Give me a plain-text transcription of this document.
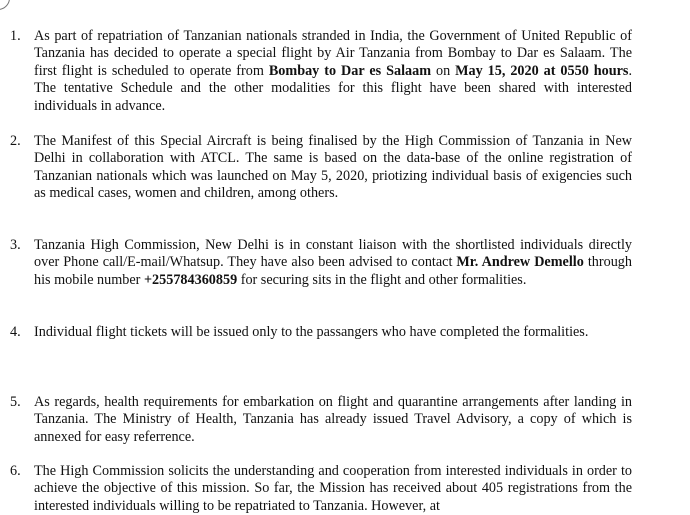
1. As part of repatriation of Tanzanian nationals stranded in India, the Government of United Republic of Tanzania has decided to operate a special flight by Air Tanzania from Bombay to Dar es Salaam. The first flight is scheduled to operate from Bombay to Dar es Salaam on May 15, 2020 at 0550 hours. The tentative Schedule and the other modalities for this flight have been shared with interested individuals in advance.

2. The Manifest of this Special Aircraft is being finalised by the High Commission of Tanzania in New Delhi in collaboration with ATCL. The same is based on the data-base of the online registration of Tanzanian nationals which was launched on May 5, 2020, priotizing individual basis of exigencies such as medical cases, women and children, among others.

3. Tanzania High Commission, New Delhi is in constant liaison with the shortlisted individuals directly over Phone call/E-mail/Whatsup. They have also been advised to contact Mr. Andrew Demello through his mobile number +255784360859 for securing sits in the flight and other formalities.

4. Individual flight tickets will be issued only to the passangers who have completed the formalities.

5. As regards, health requirements for embarkation on flight and quarantine arrangements after landing in Tanzania. The Ministry of Health, Tanzania has already issued Travel Advisory, a copy of which is annexed for easy referrence.

6. The High Commission solicits the understanding and cooperation from interested individuals in order to achieve the objective of this mission. So far, the Mission has received about 405 registrations from the interested individuals willing to be repatriated to Tanzania. However, at
